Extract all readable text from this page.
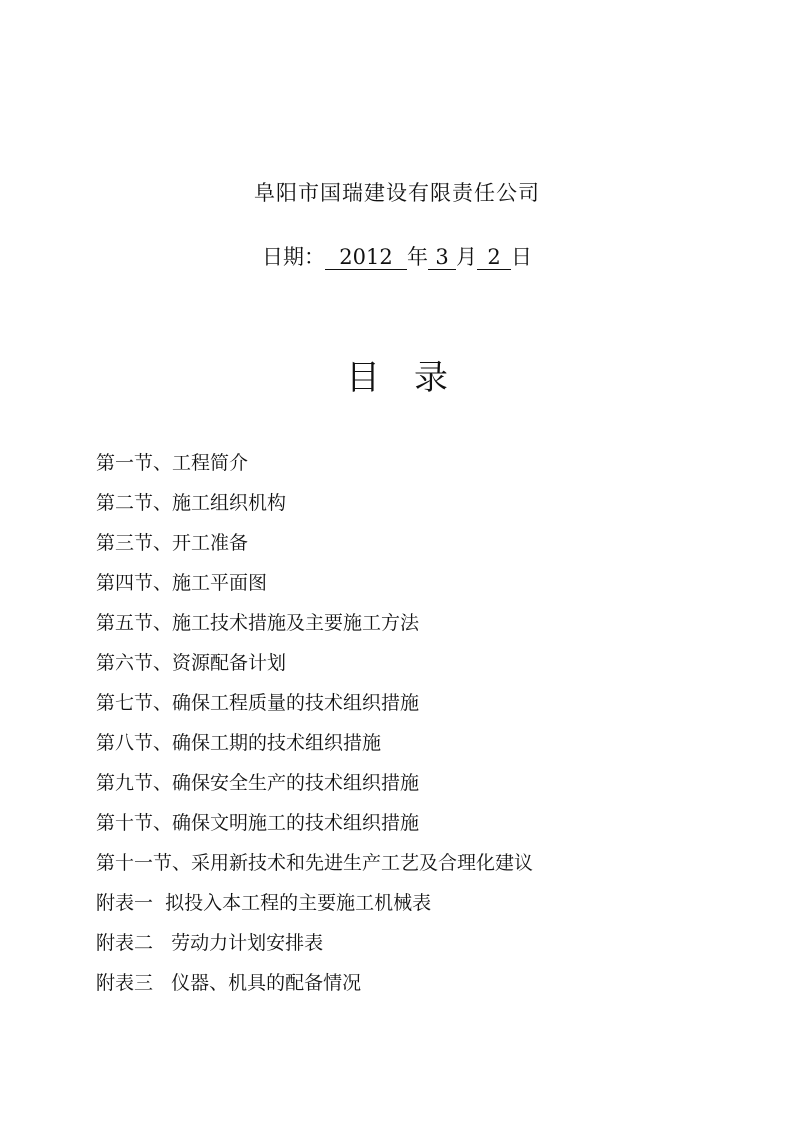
阜阳市国瑞建设有限责任公司
日期： 2012 年 3 月 2 日
目录
第一节、工程简介
第二节、施工组织机构
第三节、开工准备
第四节、施工平面图
第五节、施工技术措施及主要施工方法
第六节、资源配备计划
第七节、确保工程质量的技术组织措施
第八节、确保工期的技术组织措施
第九节、确保安全生产的技术组织措施
第十节、确保文明施工的技术组织措施
第十一节、采用新技术和先进生产工艺及合理化建议
附表一  拟投入本工程的主要施工机械表
附表二   劳动力计划安排表
附表三   仪器、机具的配备情况
